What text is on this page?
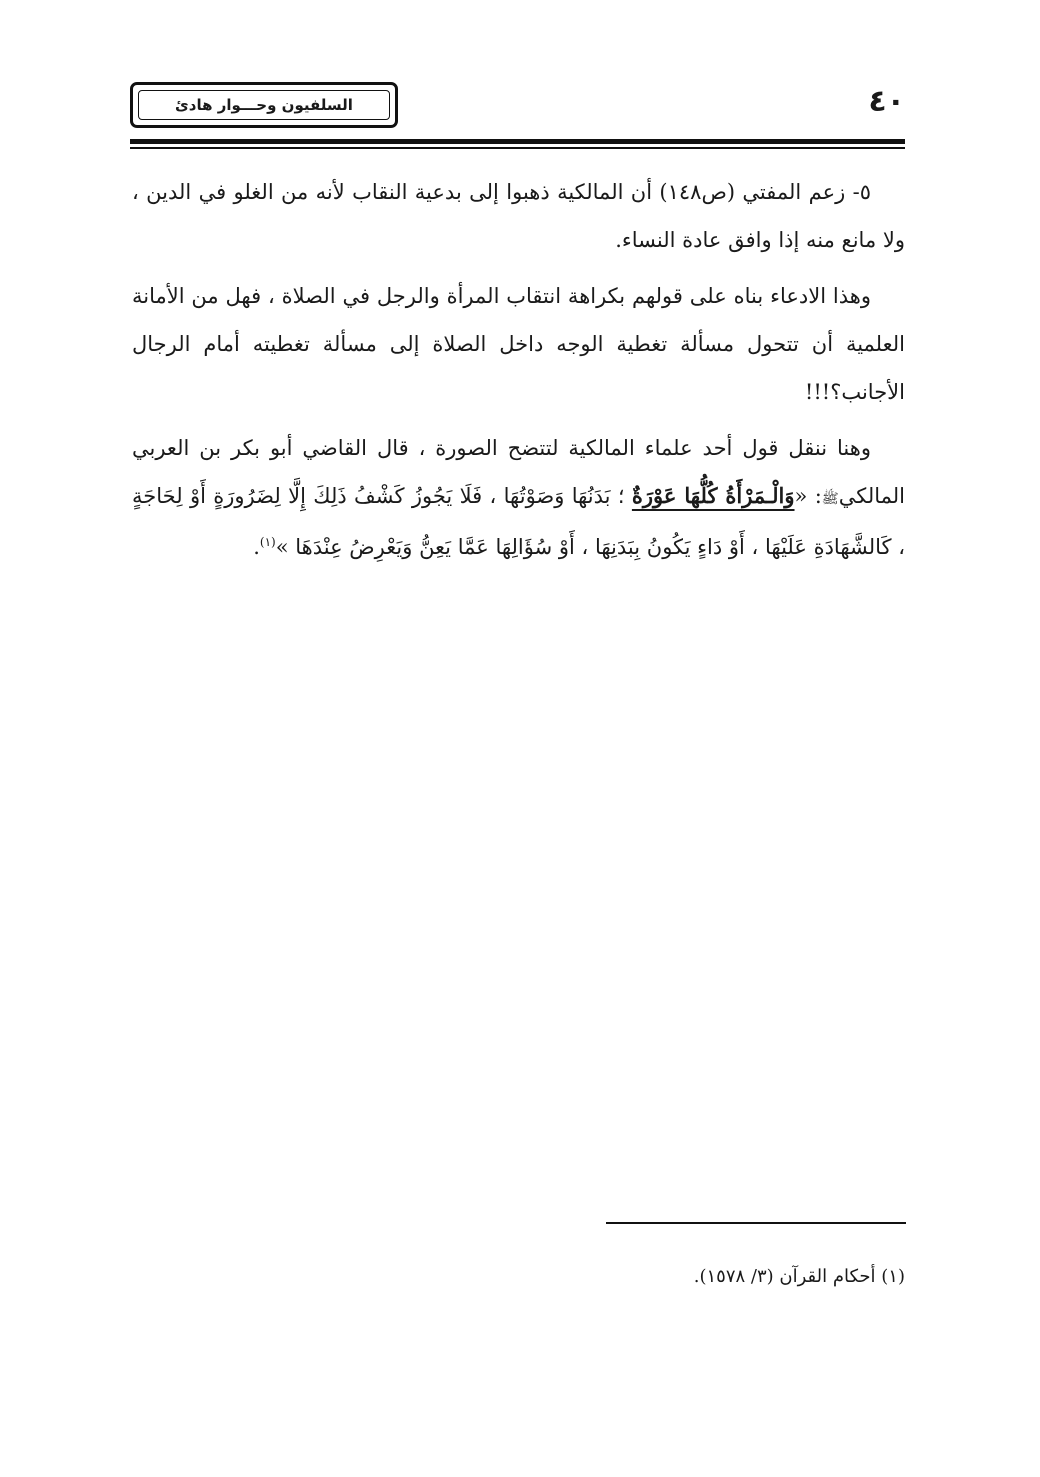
السلفيون وحـــوار هادئ	٤٠

٥- زعم المفتي (ص١٤٨) أن المالكية ذهبوا إلى بدعية النقاب لأنه من الغلو في الدين ، ولا مانع منه إذا وافق عادة النساء.

وهذا الادعاء بناه على قولهم بكراهة انتقاب المرأة والرجل في الصلاة ، فهل من الأمانة العلمية أن تتحول مسألة تغطية الوجه داخل الصلاة إلى مسألة تغطيته أمام الرجال الأجانب؟!!!

وهنا ننقل قول أحد علماء المالكية لتتضح الصورة ، قال القاضي أبو بكر بن العربي المالكيﷺ: «وَالْـمَرْأَةُ كُلُّهَا عَوْرَةٌ ؛ بَدَنُهَا وَصَوْتُهَا ، فَلَا يَجُوزُ كَشْفُ ذَلِكَ إِلَّا لِضَرُورَةٍ أَوْ لِحَاجَةٍ ، كَالشَّهَادَةِ عَلَيْهَا ، أَوْ دَاءٍ يَكُونُ بِبَدَنِهَا ، أَوْ سُؤَالِهَا عَمَّا يَعِنُّ وَيَعْرِضُ عِنْدَهَا »$^{(١)}$.

(١) أحكام القرآن (٣/ ١٥٧٨).
